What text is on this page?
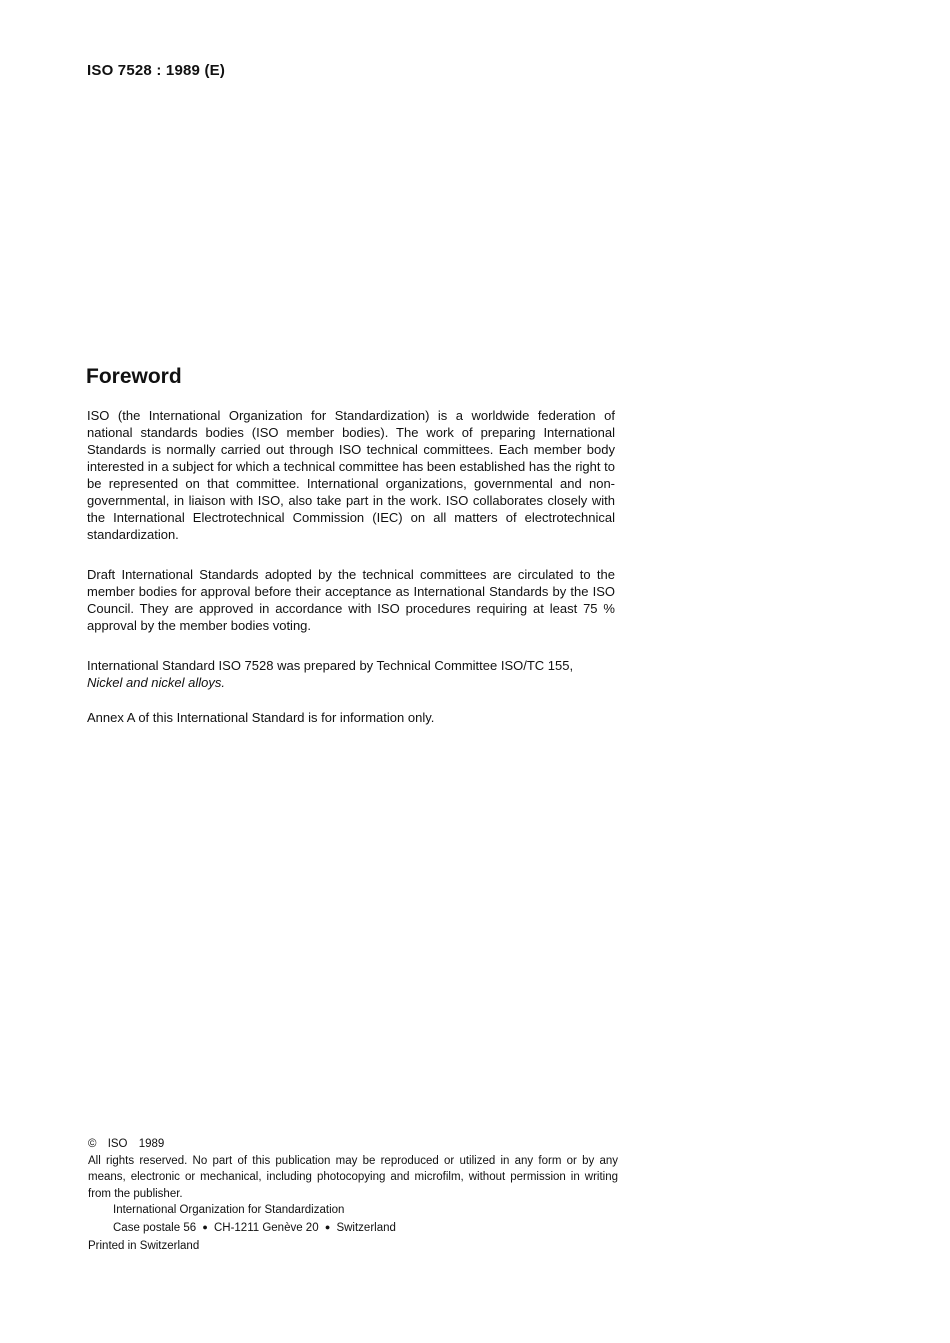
ISO 7528 : 1989 (E)
Foreword

ISO (the International Organization for Standardization) is a worldwide federation of national standards bodies (ISO member bodies). The work of preparing International Standards is normally carried out through ISO technical committees. Each member body interested in a subject for which a technical committee has been established has the right to be represented on that committee. International organizations, governmental and non-governmental, in liaison with ISO, also take part in the work. ISO collaborates closely with the International Electrotechnical Commission (IEC) on all matters of electrotechnical standardization.

Draft International Standards adopted by the technical committees are circulated to the member bodies for approval before their acceptance as International Standards by the ISO Council. They are approved in accordance with ISO procedures requiring at least 75 % approval by the member bodies voting.

International Standard ISO 7528 was prepared by Technical Committee ISO/TC 155,
Nickel and nickel alloys.

Annex A of this International Standard is for information only.

© ISO 1989

All rights reserved. No part of this publication may be reproduced or utilized in any form or by any means, electronic or mechanical, including photocopying and microfilm, without permission in writing from the publisher.

International Organization for Standardization

Case postale 56 ● CH-1211 Genève 20 ● Switzerland

Printed in Switzerland
